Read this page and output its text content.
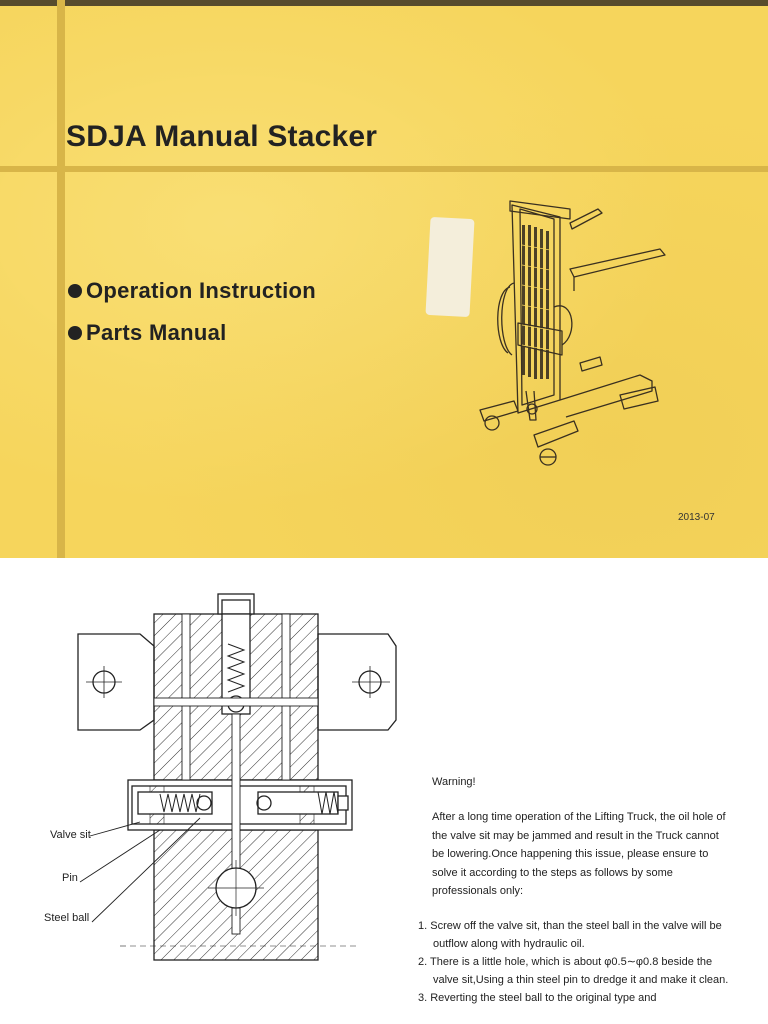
SDJA Manual Stacker

Operation Instruction

Parts Manual

2013-07
Valve sit
Pin
Steel ball

Warning!

After a long time operation of the Lifting Truck, the oil hole of the valve sit may be jammed and result in the Truck cannot be lowering.Once happening this issue, please ensure to solve it according to the steps as follows by some professionals only:

1. Screw off the valve sit, than the steel ball in the valve will be outflow along with hydraulic oil.
2. There is a little hole, which is about φ0.5∼φ0.8 beside the valve sit,Using a thin steel pin to dredge it and make it clean.
3. Reverting the steel ball to the original type and
